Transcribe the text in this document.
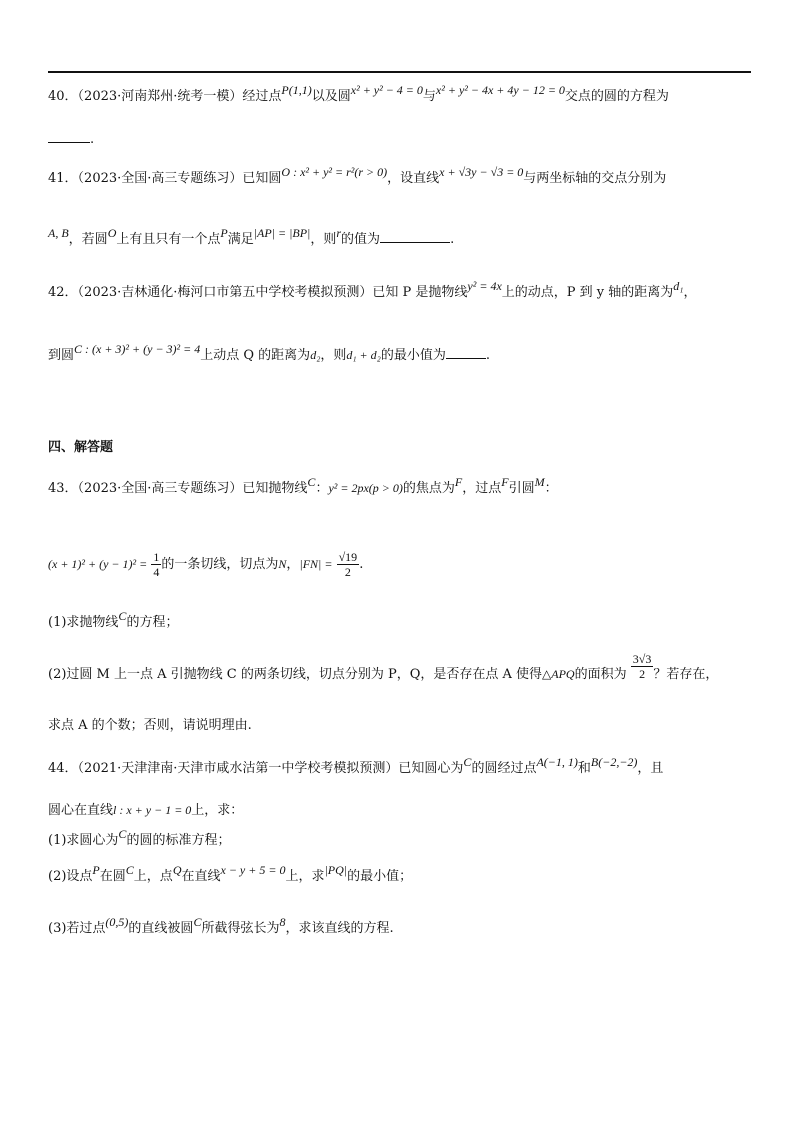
40．（2023·河南郑州·统考一模）经过点P(1,1)以及圆x² + y² − 4 = 0与x² + y² − 4x + 4y − 12 = 0交点的圆的方程为
.
41．（2023·全国·高三专题练习）已知圆O : x² + y² = r²(r > 0)，设直线x + √3y − √3 = 0与两坐标轴的交点分别为
A, B，若圆O上有且只有一个点P满足|AP| = |BP|，则r的值为	.
42．（2023·吉林通化·梅河口市第五中学校考模拟预测）已知 P 是抛物线y² = 4x上的动点，P 到 y 轴的距离为d₁，
到圆C : (x + 3)² + (y − 3)² = 4上动点 Q 的距离为d₂，则d₁ + d₂的最小值为	.
四、解答题
43．（2023·全国·高三专题练习）已知抛物线C：y² = 2px(p > 0)的焦点为F，过点F引圆M：
$(x + 1)^2 + (y - 1)^2 = \frac{1}{4}$ 的一条切线，切点为N，$|FN| = \frac{√19}{2}$ .
(1)求抛物线C的方程；
(2)过圆 M 上一点 A 引抛物线 C 的两条切线，切点分别为 P，Q，是否存在点 A 使得△APQ的面积为 $\frac{3√3}{2}$ ？若存在，
求点 A 的个数；否则，请说明理由.
44．（2021·天津津南·天津市咸水沽第一中学校考模拟预测）已知圆心为C的圆经过点A(−1, 1)和B(−2,−2)，且
圆心在直线l : x + y − 1 = 0上，求：
(1)求圆心为C的圆的标准方程；
(2)设点P在圆C上，点Q在直线x − y + 5 = 0上，求|PQ|的最小值；
(3)若过点(0,5)的直线被圆C所截得弦长为8，求该直线的方程.
